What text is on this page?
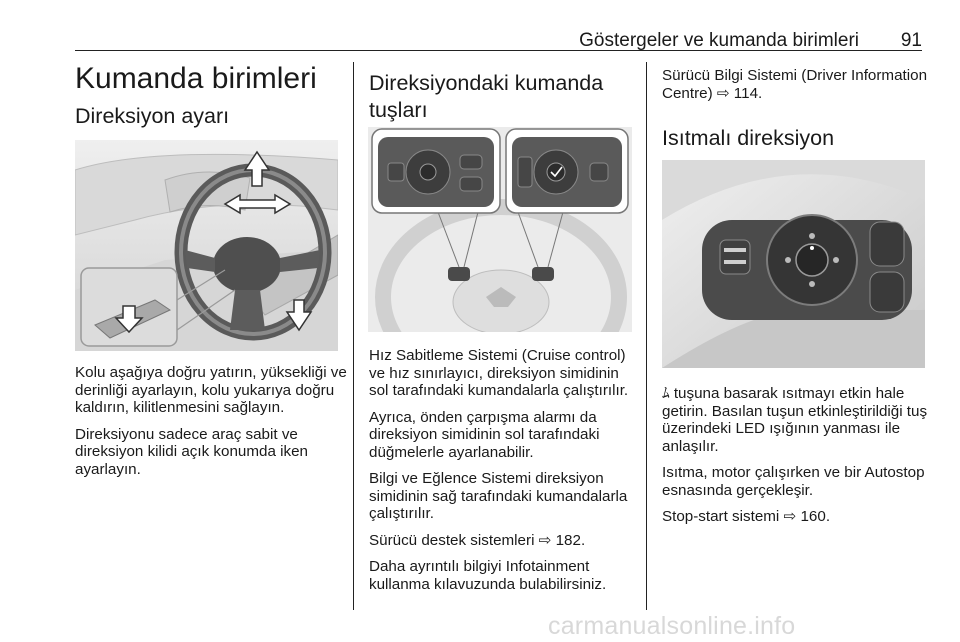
Göstergeler ve kumanda birimleri 91
Kumanda birimleri
Direksiyon ayarı

Kolu aşağıya doğru yatırın, yüksekliği ve derinliği ayarlayın, kolu yukarıya doğru kaldırın, kilitlenmesini sağlayın.

Direksiyonu sadece araç sabit ve direksiyon kilidi açık konumda iken ayarlayın.

Direksiyondaki kumanda tuşları

Hız Sabitleme Sistemi (Cruise control) ve hız sınırlayıcı, direksiyon simidinin sol tarafındaki kumandalarla çalıştırılır.

Ayrıca, önden çarpışma alarmı da direksiyon simidinin sol tarafındaki düğmelerle ayarlanabilir.

Bilgi ve Eğlence Sistemi direksiyon simidinin sağ tarafındaki kumandalarla çalıştırılır.

Sürücü destek sistemleri ⇨ 182.

Daha ayrıntılı bilgiyi Infotainment kullanma kılavuzunda bulabilirsiniz.

Sürücü Bilgi Sistemi (Driver Information Centre) ⇨ 114.

Isıtmalı direksiyon

ﾑ tuşuna basarak ısıtmayı etkin hale getirin. Basılan tuşun etkinleştirildiği tuş üzerindeki LED ışığının yanması ile anlaşılır.

Isıtma, motor çalışırken ve bir Autostop esnasında gerçekleşir.

Stop-start sistemi ⇨ 160.

carmanualsonline.info
